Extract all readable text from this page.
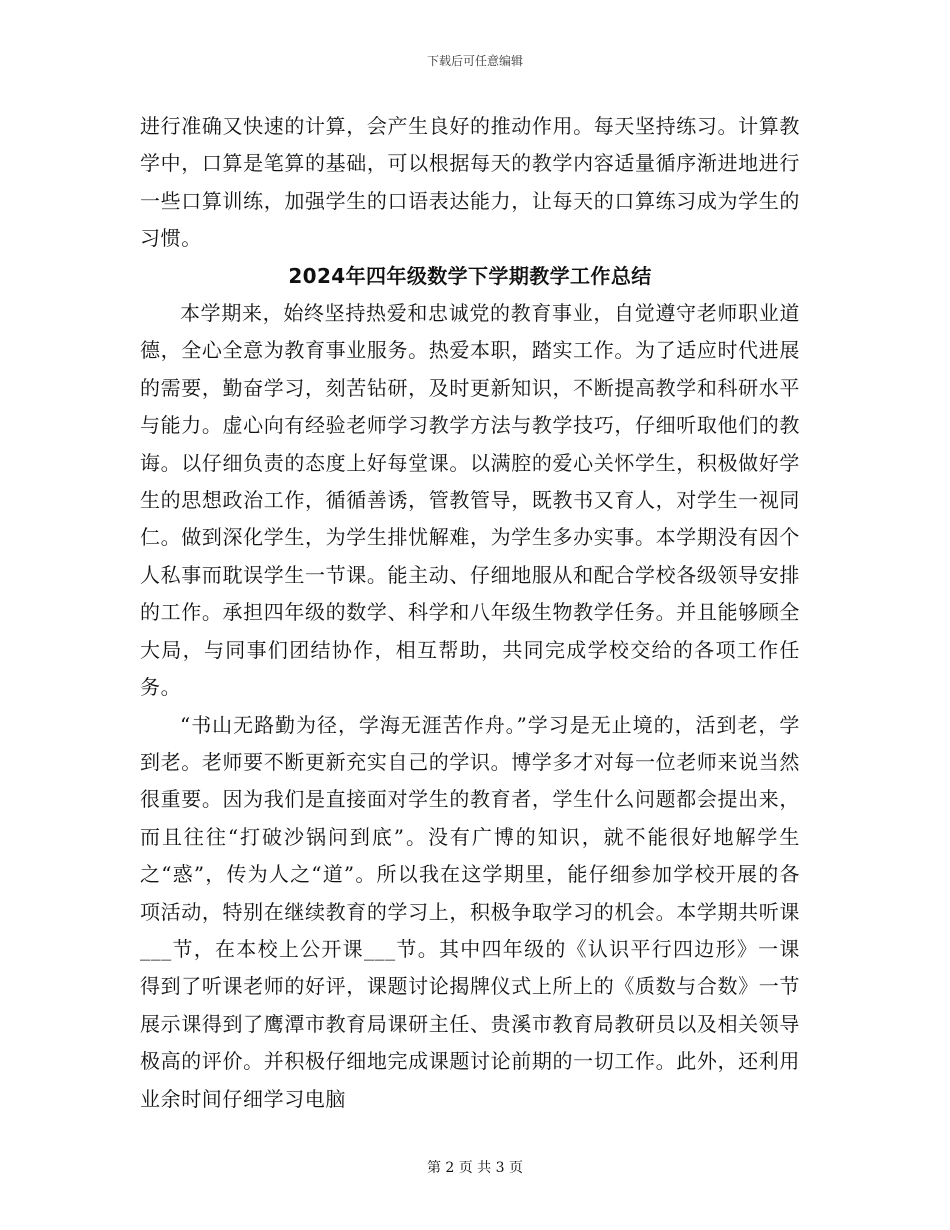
下载后可任意编辑

进行准确又快速的计算，会产生良好的推动作用。每天坚持练习。计算教学中，口算是笔算的基础，可以根据每天的教学内容适量循序渐进地进行一些口算训练，加强学生的口语表达能力，让每天的口算练习成为学生的习惯。

2024年四年级数学下学期教学工作总结

本学期来，始终坚持热爱和忠诚党的教育事业，自觉遵守老师职业道德，全心全意为教育事业服务。热爱本职，踏实工作。为了适应时代进展的需要，勤奋学习，刻苦钻研，及时更新知识，不断提高教学和科研水平与能力。虚心向有经验老师学习教学方法与教学技巧，仔细听取他们的教诲。以仔细负责的态度上好每堂课。以满腔的爱心关怀学生，积极做好学生的思想政治工作，循循善诱，管教管导，既教书又育人，对学生一视同仁。做到深化学生，为学生排忧解难，为学生多办实事。本学期没有因个人私事而耽误学生一节课。能主动、仔细地服从和配合学校各级领导安排的工作。承担四年级的数学、科学和八年级生物教学任务。并且能够顾全大局，与同事们团结协作，相互帮助，共同完成学校交给的各项工作任务。

“书山无路勤为径，学海无涯苦作舟。”学习是无止境的，活到老，学到老。老师要不断更新充实自己的学识。博学多才对每一位老师来说当然很重要。因为我们是直接面对学生的教育者，学生什么问题都会提出来，而且往往“打破沙锅问到底”。没有广博的知识，就不能很好地解学生之“惑”，传为人之“道”。所以我在这学期里，能仔细参加学校开展的各项活动，特别在继续教育的学习上，积极争取学习的机会。本学期共听课___节，在本校上公开课___节。其中四年级的《认识平行四边形》一课得到了听课老师的好评，课题讨论揭牌仪式上所上的《质数与合数》一节展示课得到了鹰潭市教育局课研主任、贵溪市教育局教研员以及相关领导极高的评价。并积极仔细地完成课题讨论前期的一切工作。此外，还利用业余时间仔细学习电脑

第 2 页 共 3 页
